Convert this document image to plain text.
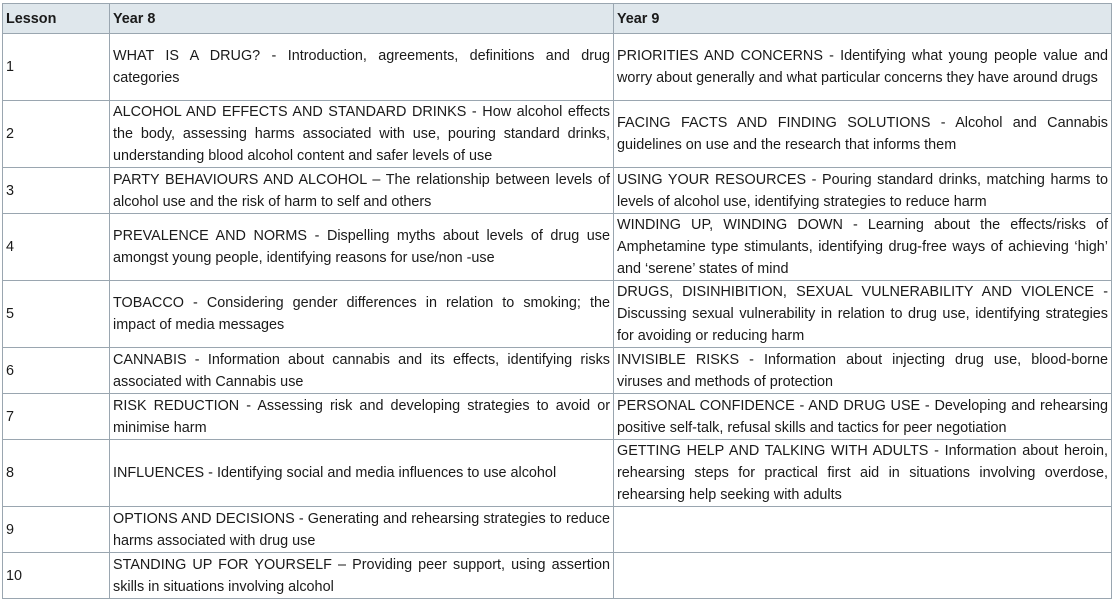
Lesson	Year 8	Year 9
1	WHAT IS A DRUG? - Introduction, agreements, definitions and drug categories	PRIORITIES AND CONCERNS - Identifying what young people value and worry about generally and what particular concerns they have around drugs
2	ALCOHOL AND EFFECTS AND STANDARD DRINKS - How alcohol effects the body, assessing harms associated with use, pouring standard drinks, understanding blood alcohol content and safer levels of use	FACING FACTS AND FINDING SOLUTIONS - Alcohol and Cannabis guidelines on use and the research that informs them
3	PARTY BEHAVIOURS AND ALCOHOL – The relationship between levels of alcohol use and the risk of harm to self and others	USING YOUR RESOURCES - Pouring standard drinks, matching harms to levels of alcohol use, identifying strategies to reduce harm
4	PREVALENCE AND NORMS - Dispelling myths about levels of drug use amongst young people, identifying reasons for use/non -use	WINDING UP, WINDING DOWN - Learning about the effects/risks of Amphetamine type stimulants, identifying drug-free ways of achieving ‘high’ and ‘serene’ states of mind
5	TOBACCO - Considering gender differences in relation to smoking; the impact of media messages	DRUGS, DISINHIBITION, SEXUAL VULNERABILITY AND VIOLENCE - Discussing sexual vulnerability in relation to drug use, identifying strategies for avoiding or reducing harm
6	CANNABIS - Information about cannabis and its effects, identifying risks associated with Cannabis use	INVISIBLE RISKS - Information about injecting drug use, blood-borne viruses and methods of protection
7	RISK REDUCTION - Assessing risk and developing strategies to avoid or minimise harm	PERSONAL CONFIDENCE - AND DRUG USE - Developing and rehearsing positive self-talk, refusal skills and tactics for peer negotiation
8	INFLUENCES - Identifying social and media influences to use alcohol	GETTING HELP AND TALKING WITH ADULTS - Information about heroin, rehearsing steps for practical first aid in situations involving overdose, rehearsing help seeking with adults
9	OPTIONS AND DECISIONS - Generating and rehearsing strategies to reduce harms associated with drug use	
10	STANDING UP FOR YOURSELF – Providing peer support, using assertion skills in situations involving alcohol	
